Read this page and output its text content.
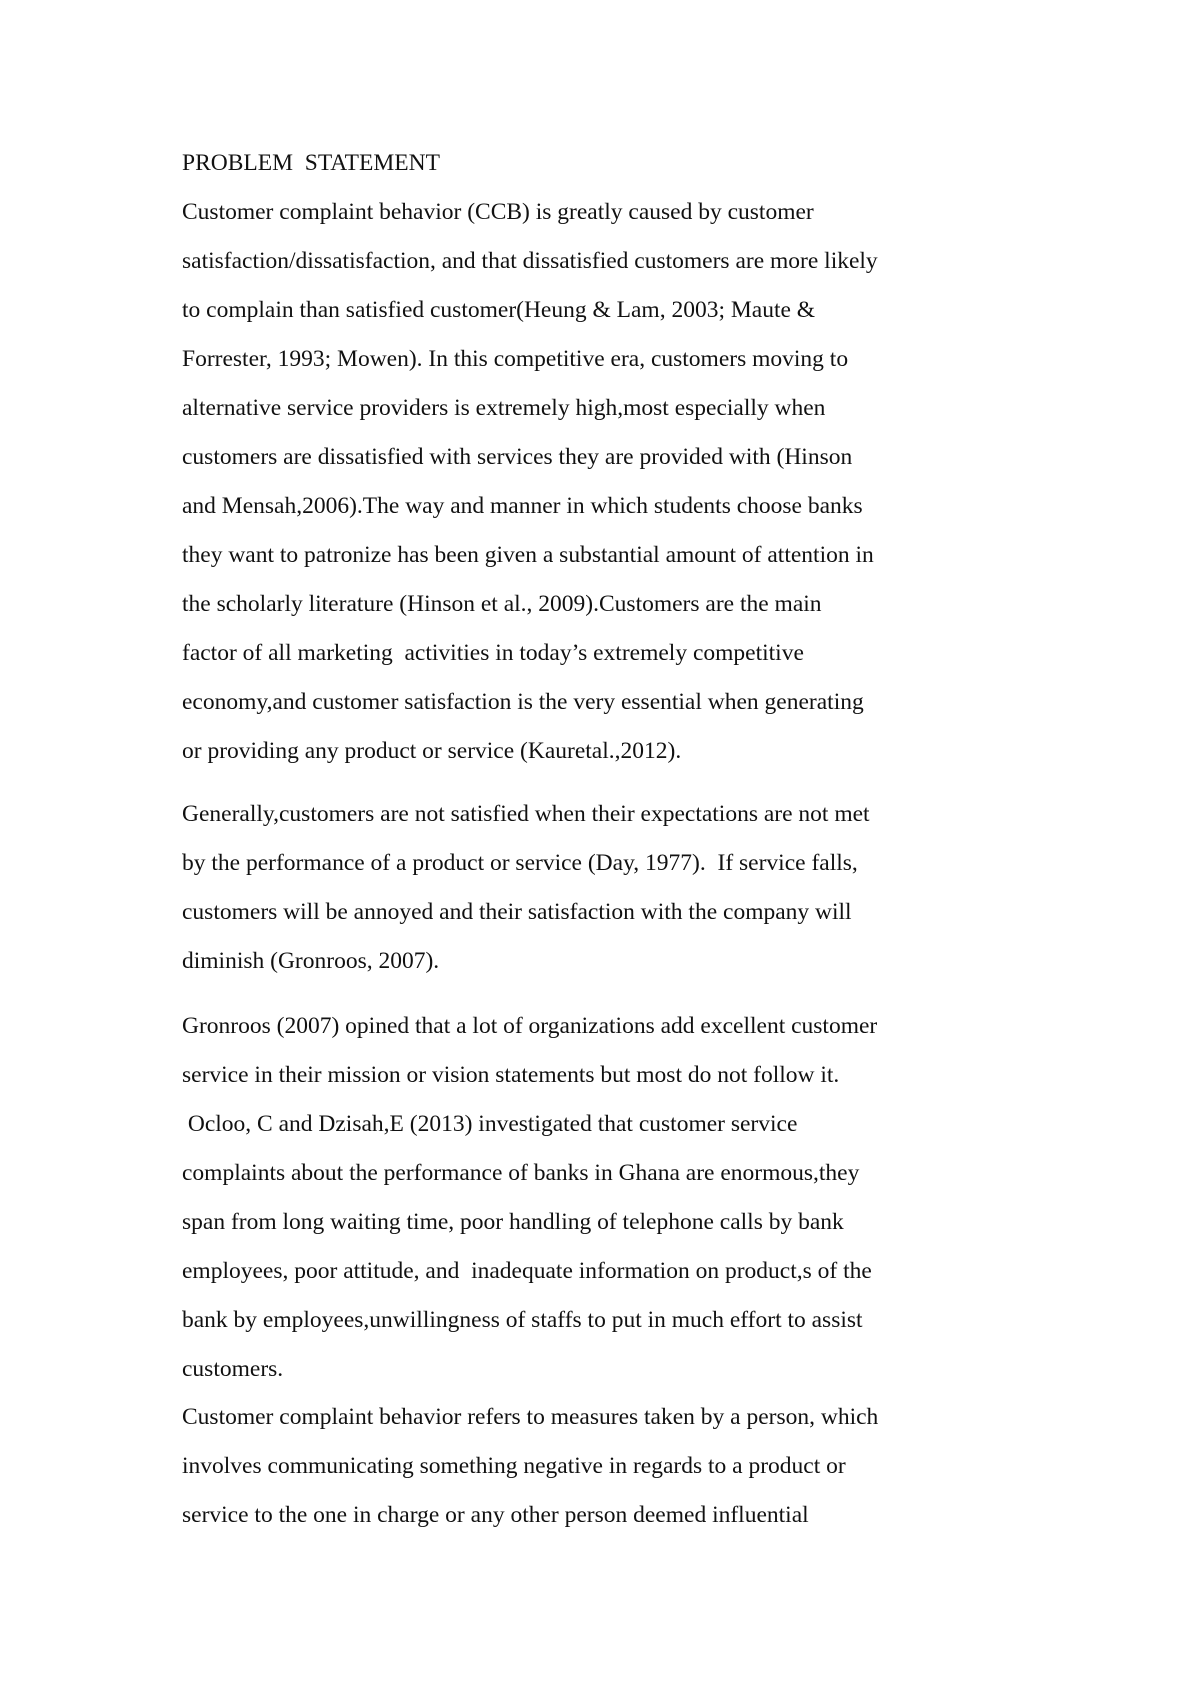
PROBLEM  STATEMENT
Customer complaint behavior (CCB) is greatly caused by customer
satisfaction/dissatisfaction, and that dissatisfied customers are more likely
to complain than satisfied customer(Heung & Lam, 2003; Maute &
Forrester, 1993; Mowen). In this competitive era, customers moving to
alternative service providers is extremely high,most especially when
customers are dissatisfied with services they are provided with (Hinson
and Mensah,2006).The way and manner in which students choose banks
they want to patronize has been given a substantial amount of attention in
the scholarly literature (Hinson et al., 2009).Customers are the main
factor of all marketing  activities in today’s extremely competitive
economy,and customer satisfaction is the very essential when generating
or providing any product or service (Kauretal.,2012).
Generally,customers are not satisfied when their expectations are not met
by the performance of a product or service (Day, 1977).  If service falls,
customers will be annoyed and their satisfaction with the company will
diminish (Gronroos, 2007).
Gronroos (2007) opined that a lot of organizations add excellent customer
service in their mission or vision statements but most do not follow it.
Ocloo, C and Dzisah,E (2013) investigated that customer service
complaints about the performance of banks in Ghana are enormous,they
span from long waiting time, poor handling of telephone calls by bank
employees, poor attitude, and  inadequate information on product,s of the
bank by employees,unwillingness of staffs to put in much effort to assist
customers.
Customer complaint behavior refers to measures taken by a person, which
involves communicating something negative in regards to a product or
service to the one in charge or any other person deemed influential
